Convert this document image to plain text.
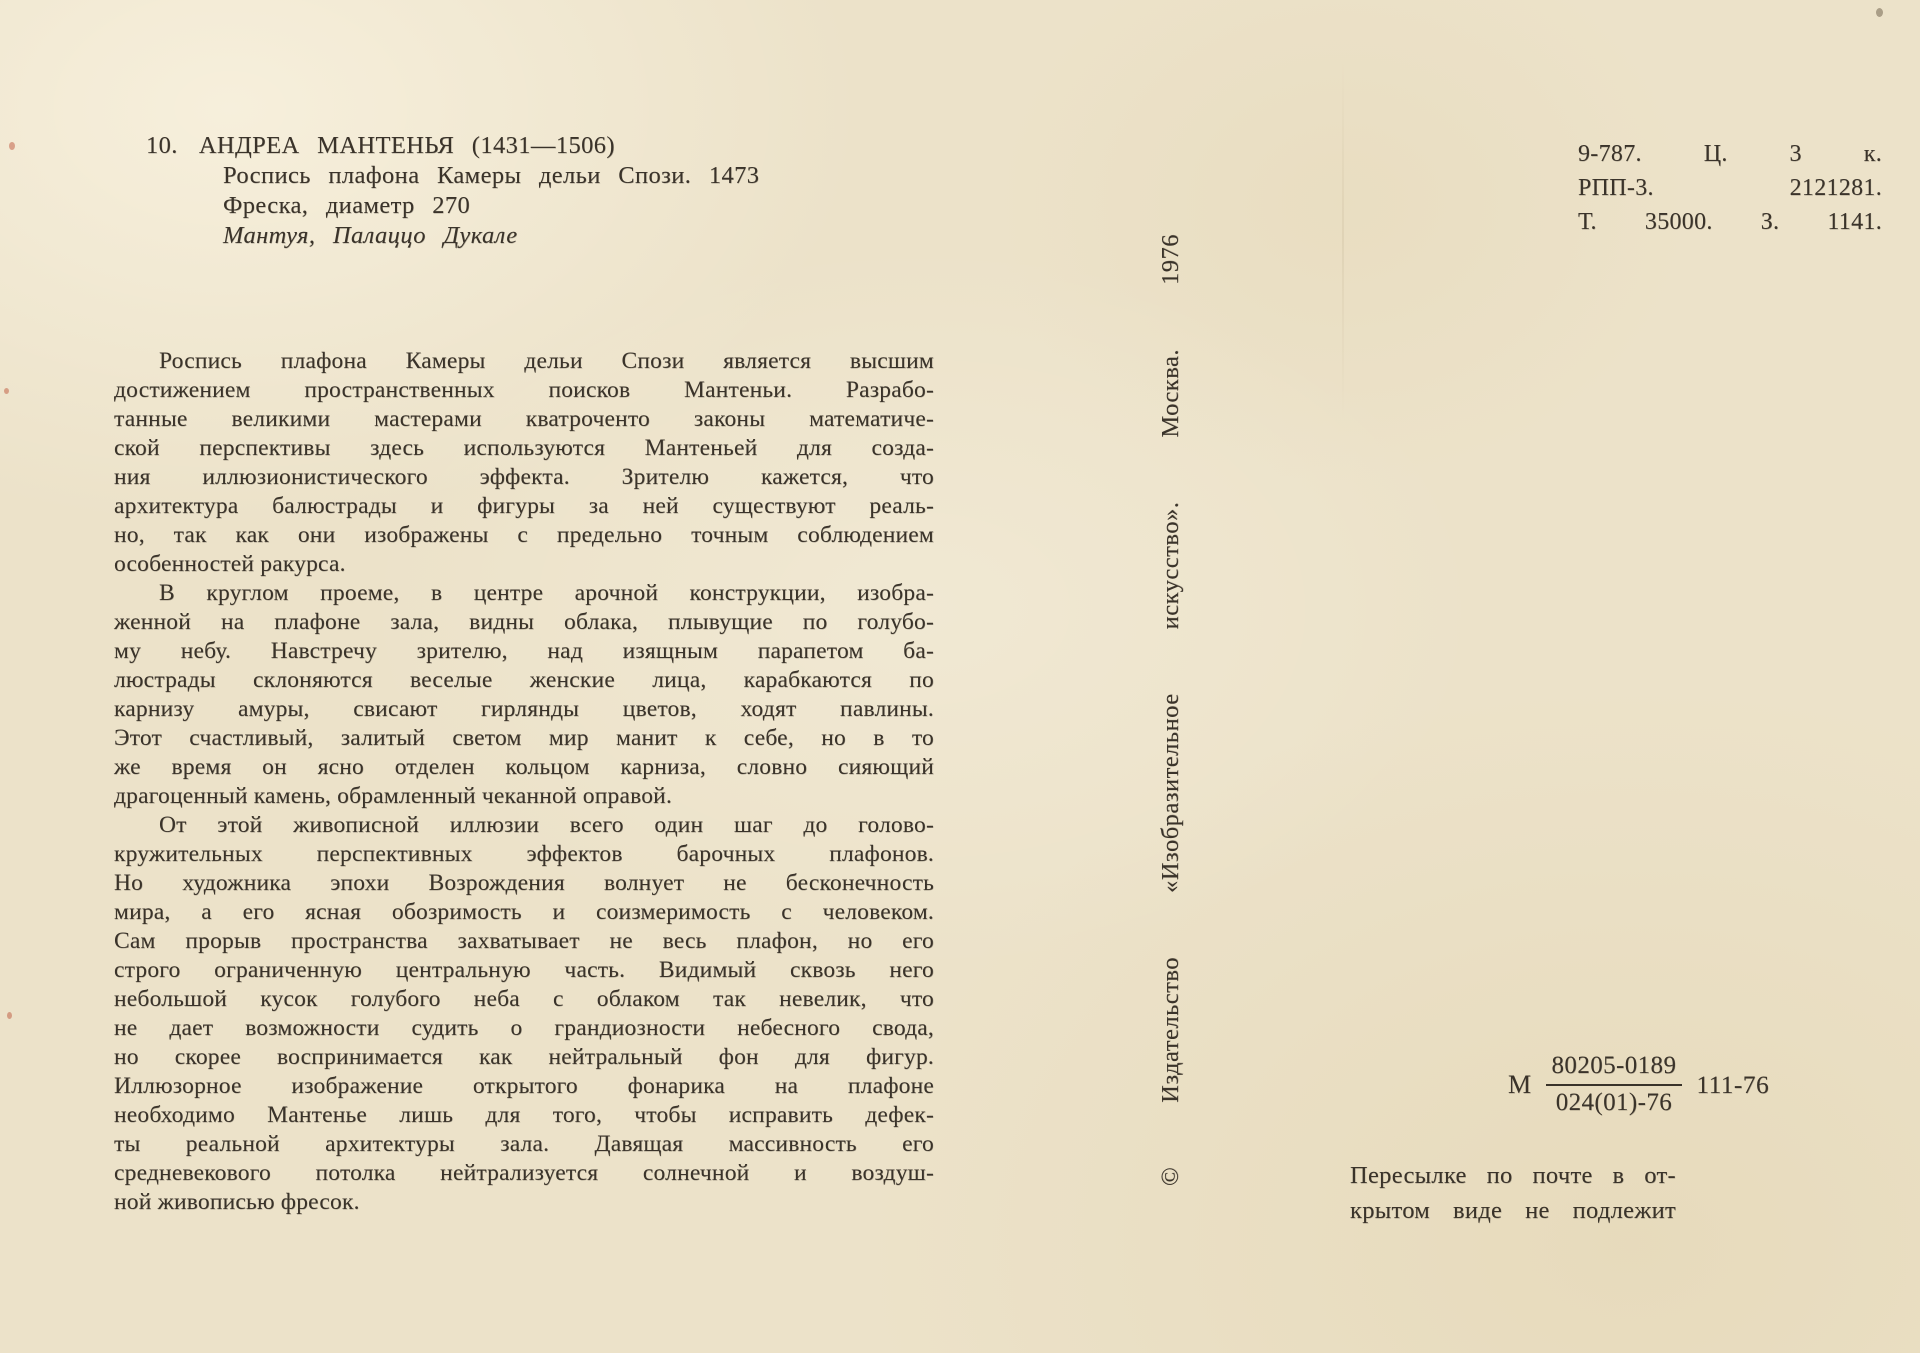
10. АНДРЕА МАНТЕНЬЯ (1431—1506)
Роспись плафона Камеры дельи Спози. 1473
Фреска, диаметр 270
Мантуя, Палаццо Дукале
9-787. Ц. 3 к.
РПП-3. 2121281.
Т. 35000. З. 1141.
Роспись плафона Камеры дельи Спози является высшим
достижением пространственных поисков Мантеньи. Разрабо-
танные великими мастерами кватроченто законы математиче-
ской перспективы здесь используются Мантеньей для созда-
ния иллюзионистического эффекта. Зрителю кажется, что
архитектура балюстрады и фигуры за ней существуют реаль-
но, так как они изображены с предельно точным соблюдением
особенностей ракурса.
В круглом проеме, в центре арочной конструкции, изобра-
женной на плафоне зала, видны облака, плывущие по голубо-
му небу. Навстречу зрителю, над изящным парапетом ба-
люстрады склоняются веселые женские лица, карабкаются по
карнизу амуры, свисают гирлянды цветов, ходят павлины.
Этот счастливый, залитый светом мир манит к себе, но в то
же время он ясно отделен кольцом карниза, словно сияющий
драгоценный камень, обрамленный чеканной оправой.
От этой живописной иллюзии всего один шаг до голово-
кружительных перспективных эффектов барочных плафонов.
Но художника эпохи Возрождения волнует не бесконечность
мира, а его ясная обозримость и соизмеримость с человеком.
Сам прорыв пространства захватывает не весь плафон, но его
строго ограниченную центральную часть. Видимый сквозь него
небольшой кусок голубого неба с облаком так невелик, что
не дает возможности судить о грандиозности небесного свода,
но скорее воспринимается как нейтральный фон для фигур.
Иллюзорное изображение открытого фонарика на плафоне
необходимо Мантенье лишь для того, чтобы исправить дефек-
ты реальной архитектуры зала. Давящая массивность его
средневекового потолка нейтрализуется солнечной и воздуш-
ной живописью фресок.
©
Издательство
«Изобразительное
искусство».
Москва.
1976
М $\frac{80205-0189}{024(01)-76} 111-76$
Пересылке по почте в от-
крытом виде не подлежит
